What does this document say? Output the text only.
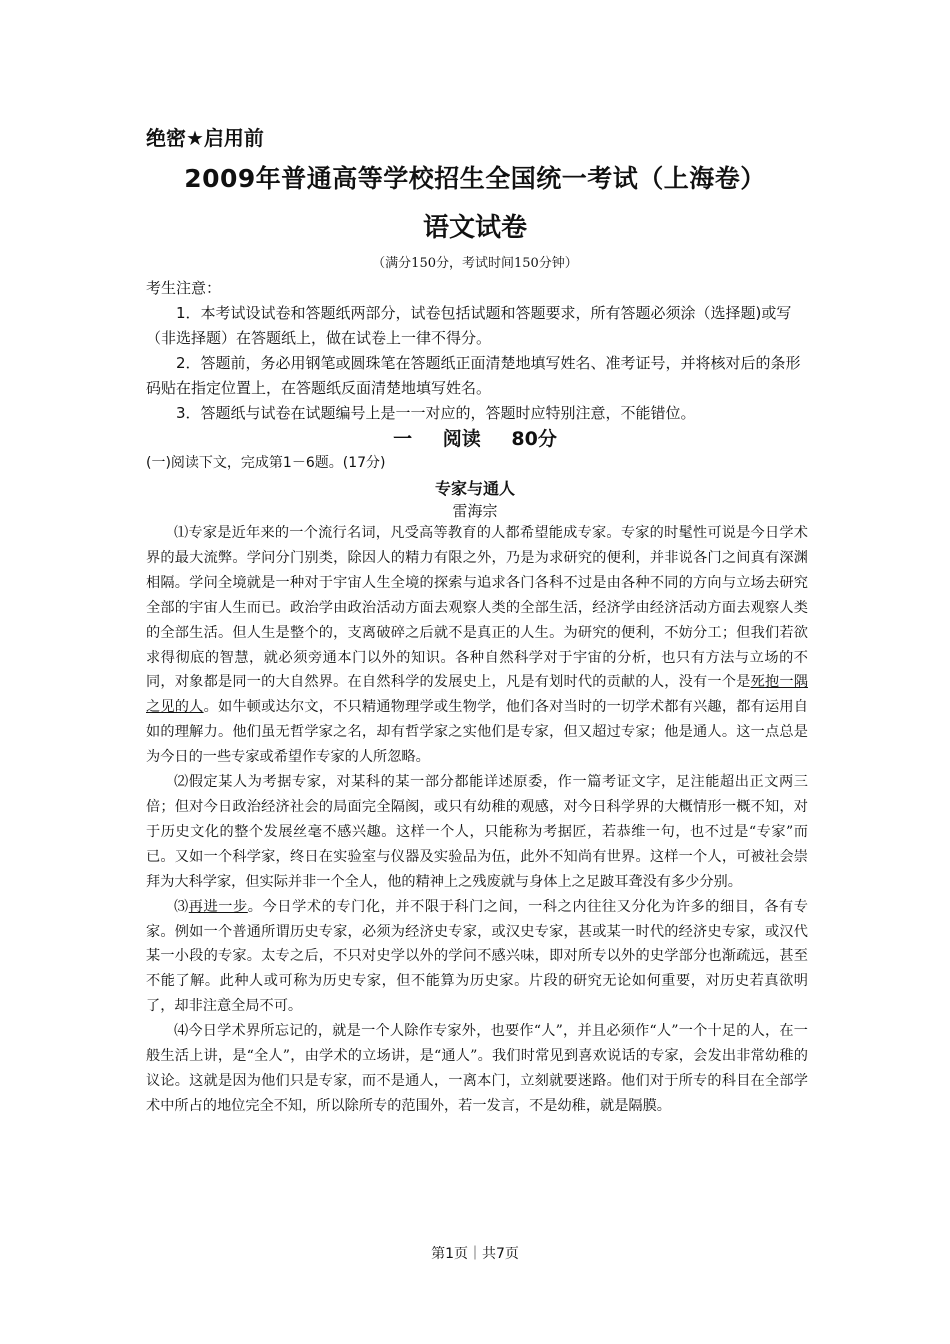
绝密★启用前
2009年普通高等学校招生全国统一考试（上海卷）
语文试卷
（满分150分，考试时间150分钟）

考生注意：

1．本考试设试卷和答题纸两部分，试卷包括试题和答题要求，所有答题必须涂（选择题)或写（非选择题）在答题纸上，做在试卷上一律不得分。

2．答题前，务必用钢笔或圆珠笔在答题纸正面清楚地填写姓名、准考证号，并将核对后的条形码贴在指定位置上，在答题纸反面清楚地填写姓名。

3．答题纸与试卷在试题编号上是一一对应的，答题时应特别注意，不能错位。

一 阅读 80分
(一)阅读下文，完成第1－6题。(17分)
专家与通人
雷海宗

⑴专家是近年来的一个流行名词，凡受高等教育的人都希望能成专家。专家的时髦性可说是今日学术界的最大流弊。学问分门别类，除因人的精力有限之外，乃是为求研究的便利，并非说各门之间真有深渊相隔。学问全境就是一种对于宇宙人生全境的探索与追求各门各科不过是由各种不同的方向与立场去研究全部的宇宙人生而已。政治学由政治活动方面去观察人类的全部生活，经济学由经济活动方面去观察人类的全部生活。但人生是整个的，支离破碎之后就不是真正的人生。为研究的便利，不妨分工；但我们若欲求得彻底的智慧，就必须旁通本门以外的知识。各种自然科学对于宇宙的分析，也只有方法与立场的不同，对象都是同一的大自然界。在自然科学的发展史上，凡是有划时代的贡献的人，没有一个是死抱一隅之见的人。如牛顿或达尔文，不只精通物理学或生物学，他们各对当时的一切学术都有兴趣，都有运用自如的理解力。他们虽无哲学家之名，却有哲学家之实他们是专家，但又超过专家；他是通人。这一点总是为今日的一些专家或希望作专家的人所忽略。

⑵假定某人为考据专家，对某科的某一部分都能详述原委，作一篇考证文字，足注能超出正文两三倍；但对今日政治经济社会的局面完全隔阂，或只有幼稚的观感，对今日科学界的大概情形一概不知，对于历史文化的整个发展丝毫不感兴趣。这样一个人，只能称为考据匠，若恭维一句，也不过是“专家”而已。又如一个科学家，终日在实验室与仪器及实验品为伍，此外不知尚有世界。这样一个人，可被社会崇拜为大科学家，但实际并非一个全人，他的精神上之残废就与身体上之足跛耳聋没有多少分别。

⑶再进一步。今日学术的专门化，并不限于科门之间，一科之内往往又分化为许多的细目，各有专家。例如一个普通所谓历史专家，必须为经济史专家，或汉史专家，甚或某一时代的经济史专家，或汉代某一小段的专家。太专之后，不只对史学以外的学问不感兴味，即对所专以外的史学部分也渐疏远，甚至不能了解。此种人或可称为历史专家，但不能算为历史家。片段的研究无论如何重要，对历史若真欲明了，却非注意全局不可。

⑷今日学术界所忘记的，就是一个人除作专家外，也要作“人”，并且必须作“人”一个十足的人，在一般生活上讲，是“全人”，由学术的立场讲，是“通人”。我们时常见到喜欢说话的专家，会发出非常幼稚的议论。这就是因为他们只是专家，而不是通人，一离本门，立刻就要迷路。他们对于所专的科目在全部学术中所占的地位完全不知，所以除所专的范围外，若一发言，不是幼稚，就是隔膜。

第1页｜共7页
